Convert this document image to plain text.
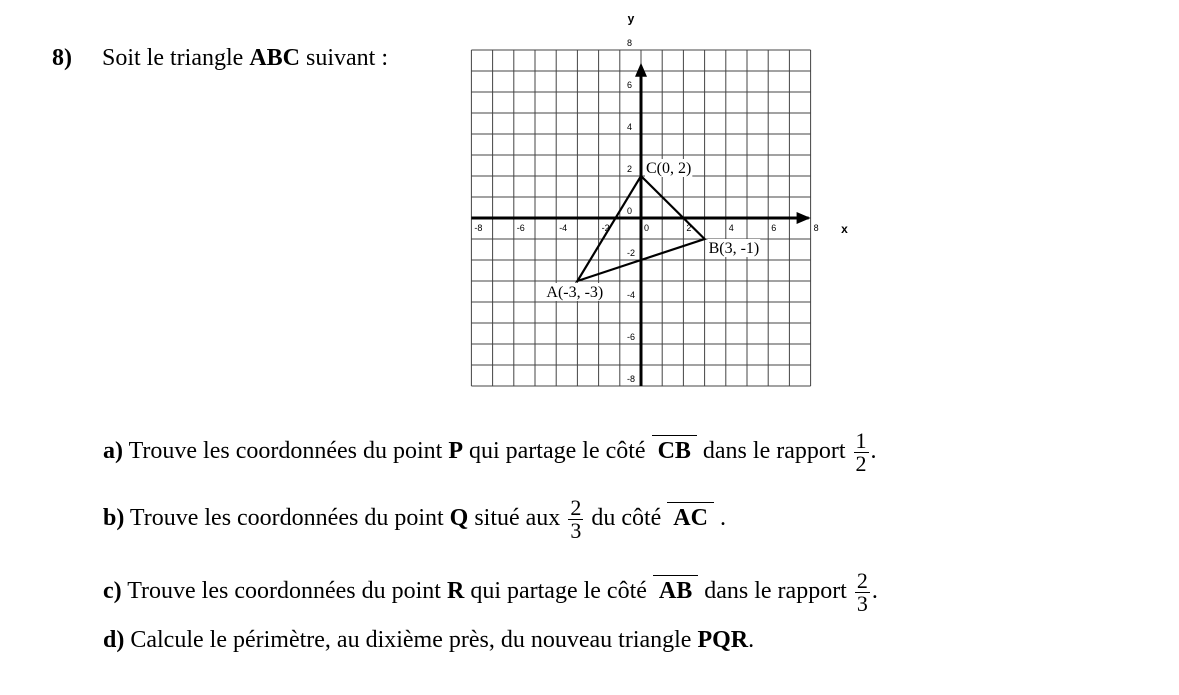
8) Soit le triangle ABC suivant :
x
y
-8	-6	-4	-2	0	2	4	6	8
8
6
4
2
0
-2
-4
-6
-8
A(-3, -3)
B(3, -1)
C(0, 2)
a) Trouve les coordonnées du point P qui partage le côté CB dans le rapport $\frac{1}{2}$ .
b) Trouve les coordonnées du point Q situé aux $\frac{2}{3}$ du côté AC .
c) Trouve les coordonnées du point R qui partage le côté AB dans le rapport $\frac{2}{3}$ .
d) Calcule le périmètre, au dixième près, du nouveau triangle PQR.
